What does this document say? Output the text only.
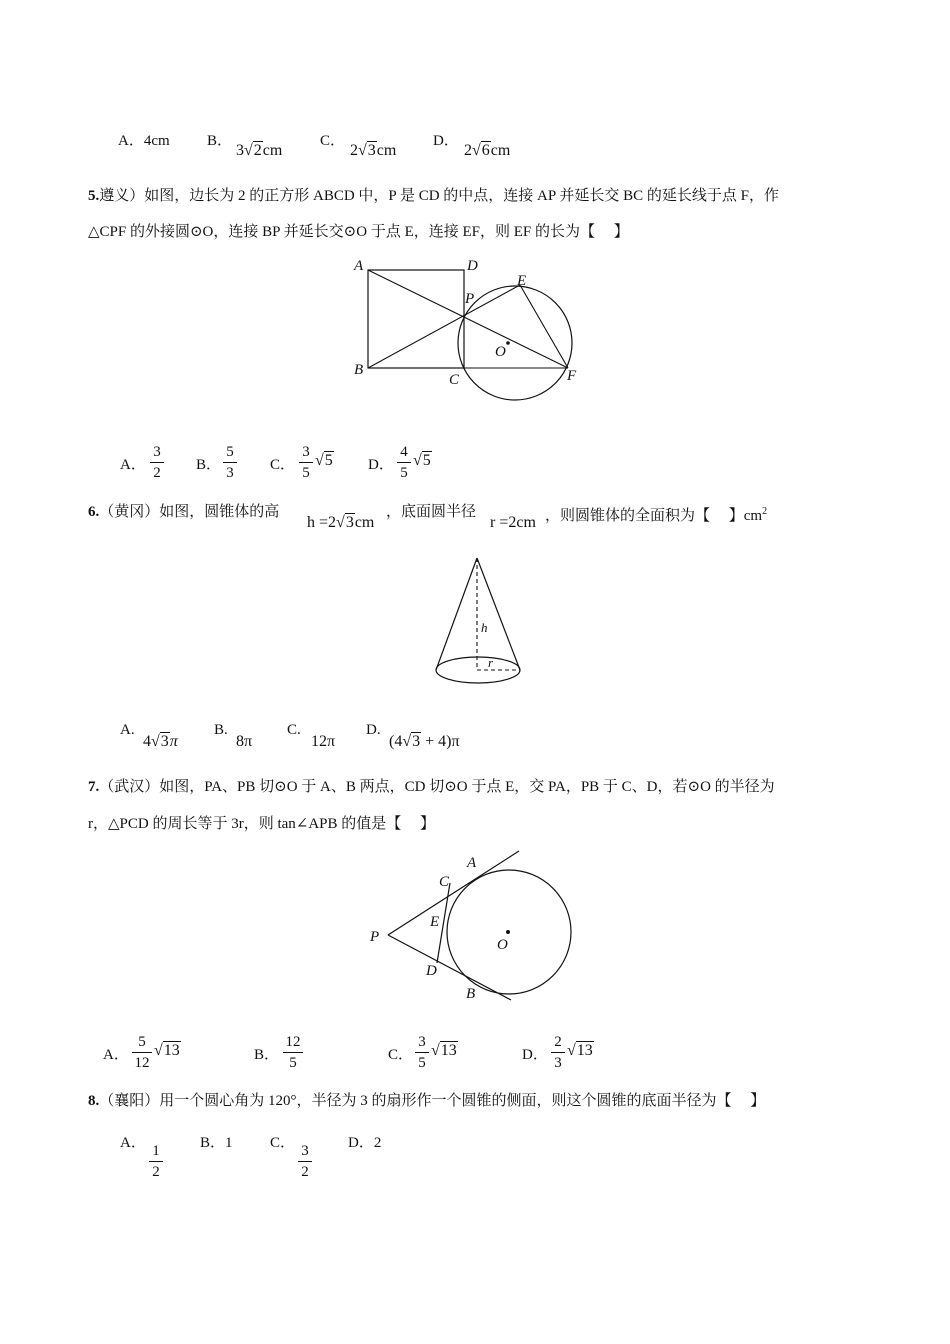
A．4cm B．
3√2cm
C．
2√3cm
D．
2√6cm
5.遵义）如图，边长为 2 的正方形 ABCD 中，P 是 CD 的中点，连接 AP 并延长交 BC 的延长线于点 F，作
△CPF 的外接圆⊙O，连接 BP 并延长交⊙O 于点 E，连接 EF，则 EF 的长为【　 】
A	D
B
C
P
E
O
F
A．
3
2 B．
5
3 C．
3
5
√5 D．
4
5
√5
6.（黄冈）如图，圆锥体的高
h =2√3cm
，底面圆半径
r =2cm ，则圆锥体的全面积为【　 】$cm^2$
h
r
A.
4√3π
B.
8π
C.
12π
D.
(4√3 + 4)π
7.（武汉）如图，PA、PB 切⊙O 于 A、B 两点，CD 切⊙O 于点 E，交 PA，PB 于 C、D，若⊙O 的半径为
r，△PCD 的周长等于 3r，则 tan∠APB 的值是【　 】
A
C
P
E
O
D
B
A．
5
12
√13	B．
12
5	C．
3
5
√13	D．
2
3
√13
8.（襄阳）用一个圆心角为 120°，半径为 3 的扇形作一个圆锥的侧面，则这个圆锥的底面半径为【　 】
A． 1
2
B．1 C． 3
2
D．2
